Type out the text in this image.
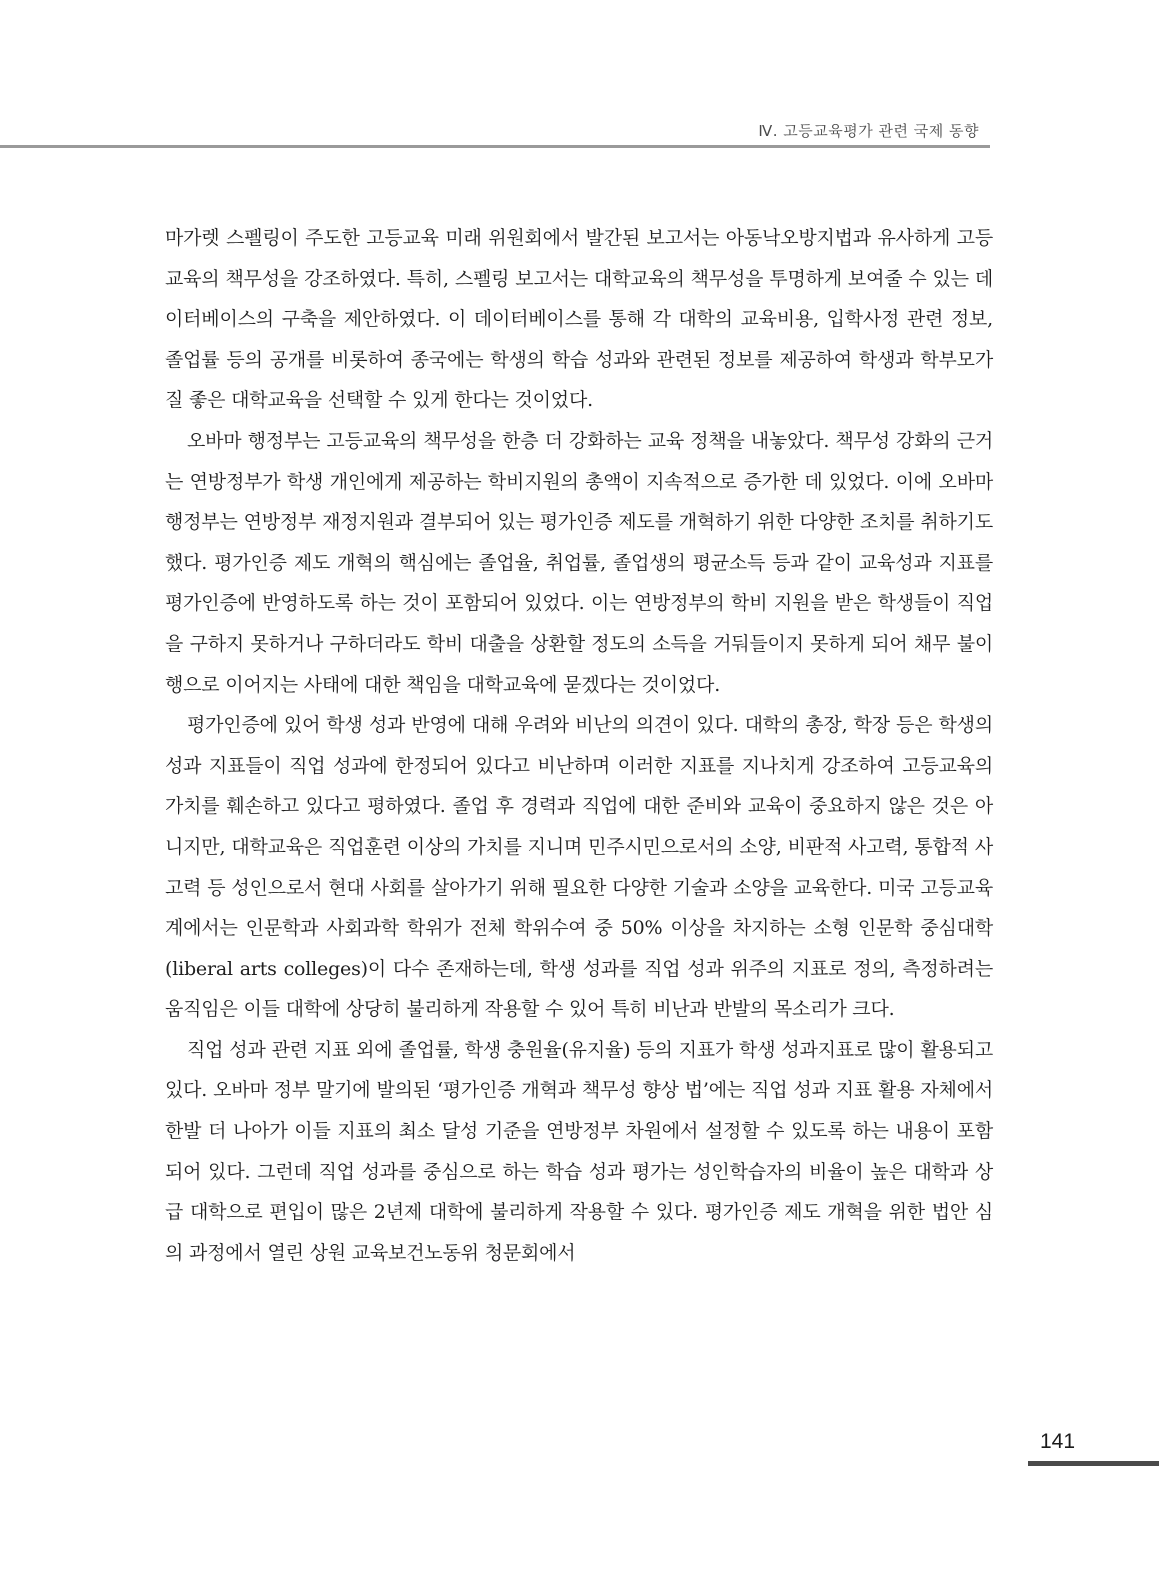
Ⅳ. 고등교육평가 관련 국제 동향

마가렛 스펠링이 주도한 고등교육 미래 위원회에서 발간된 보고서는 아동낙오방지법과 유사하게 고등교육의 책무성을 강조하였다. 특히, 스펠링 보고서는 대학교육의 책무성을 투명하게 보여줄 수 있는 데이터베이스의 구축을 제안하였다. 이 데이터베이스를 통해 각 대학의 교육비용, 입학사정 관련 정보, 졸업률 등의 공개를 비롯하여 종국에는 학생의 학습 성과와 관련된 정보를 제공하여 학생과 학부모가 질 좋은 대학교육을 선택할 수 있게 한다는 것이었다.

오바마 행정부는 고등교육의 책무성을 한층 더 강화하는 교육 정책을 내놓았다. 책무성 강화의 근거는 연방정부가 학생 개인에게 제공하는 학비지원의 총액이 지속적으로 증가한 데 있었다. 이에 오바마 행정부는 연방정부 재정지원과 결부되어 있는 평가인증 제도를 개혁하기 위한 다양한 조치를 취하기도 했다. 평가인증 제도 개혁의 핵심에는 졸업율, 취업률, 졸업생의 평균소득 등과 같이 교육성과 지표를 평가인증에 반영하도록 하는 것이 포함되어 있었다. 이는 연방정부의 학비 지원을 받은 학생들이 직업을 구하지 못하거나 구하더라도 학비 대출을 상환할 정도의 소득을 거둬들이지 못하게 되어 채무 불이행으로 이어지는 사태에 대한 책임을 대학교육에 묻겠다는 것이었다.

평가인증에 있어 학생 성과 반영에 대해 우려와 비난의 의견이 있다. 대학의 총장, 학장 등은 학생의 성과 지표들이 직업 성과에 한정되어 있다고 비난하며 이러한 지표를 지나치게 강조하여 고등교육의 가치를 훼손하고 있다고 평하였다. 졸업 후 경력과 직업에 대한 준비와 교육이 중요하지 않은 것은 아니지만, 대학교육은 직업훈련 이상의 가치를 지니며 민주시민으로서의 소양, 비판적 사고력, 통합적 사고력 등 성인으로서 현대 사회를 살아가기 위해 필요한 다양한 기술과 소양을 교육한다. 미국 고등교육계에서는 인문학과 사회과학 학위가 전체 학위수여 중 50% 이상을 차지하는 소형 인문학 중심대학(liberal arts colleges)이 다수 존재하는데, 학생 성과를 직업 성과 위주의 지표로 정의, 측정하려는 움직임은 이들 대학에 상당히 불리하게 작용할 수 있어 특히 비난과 반발의 목소리가 크다.

직업 성과 관련 지표 외에 졸업률, 학생 충원율(유지율) 등의 지표가 학생 성과지표로 많이 활용되고 있다. 오바마 정부 말기에 발의된 ‘평가인증 개혁과 책무성 향상 법’에는 직업 성과 지표 활용 자체에서 한발 더 나아가 이들 지표의 최소 달성 기준을 연방정부 차원에서 설정할 수 있도록 하는 내용이 포함되어 있다. 그런데 직업 성과를 중심으로 하는 학습 성과 평가는 성인학습자의 비율이 높은 대학과 상급 대학으로 편입이 많은 2년제 대학에 불리하게 작용할 수 있다. 평가인증 제도 개혁을 위한 법안 심의 과정에서 열린 상원 교육보건노동위 청문회에서

141
